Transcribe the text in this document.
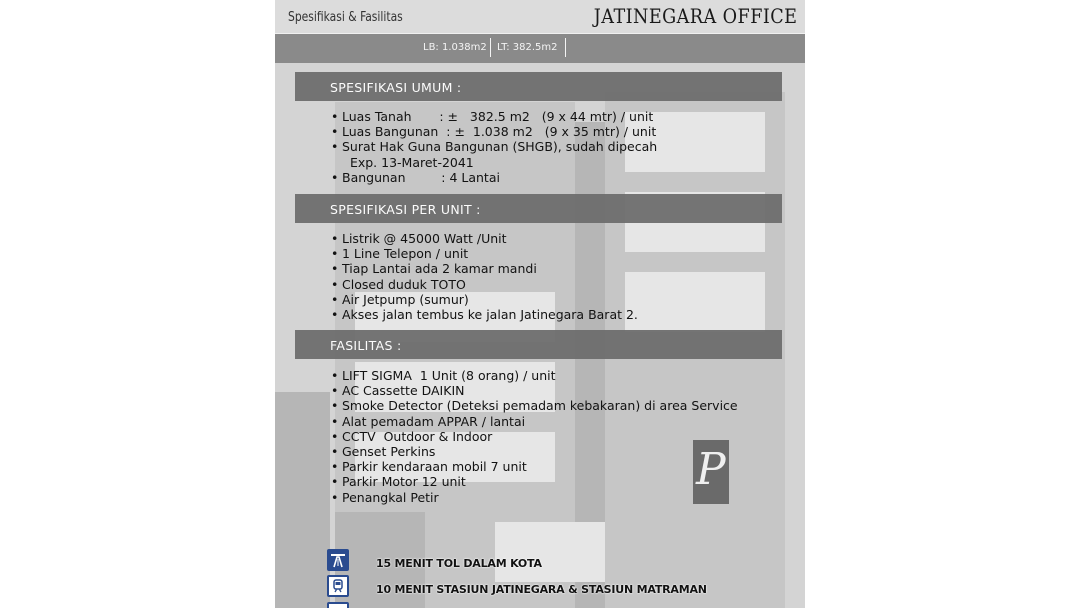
Spesifikasi & Fasilitas	JATINEGARA OFFICE
LB: 1.038m2 LT: 382.5m2
SPESIFIKASI UMUM :
• Luas Tanah       : ±   382.5 m2   (9 x 44 mtr) / unit
• Luas Bangunan  : ±  1.038 m2   (9 x 35 mtr) / unit
• Surat Hak Guna Bangunan (SHGB), sudah dipecah
Exp. 13-Maret-2041
• Bangunan         : 4 Lantai
SPESIFIKASI PER UNIT :
• Listrik @ 45000 Watt /Unit
• 1 Line Telepon / unit
• Tiap Lantai ada 2 kamar mandi
• Closed duduk TOTO
• Air Jetpump (sumur)
• Akses jalan tembus ke jalan Jatinegara Barat 2.
FASILITAS :
• LIFT SIGMA  1 Unit (8 orang) / unit
• AC Cassette DAIKIN
• Smoke Detector (Deteksi pemadam kebakaran) di area Service
• Alat pemadam APPAR / lantai
• CCTV  Outdoor & Indoor
• Genset Perkins
• Parkir kendaraan mobil 7 unit
• Parkir Motor 12 unit
• Penangkal Petir
P
15 MENIT TOL DALAM KOTA
10 MENIT STASIUN JATINEGARA & STASIUN MATRAMAN
